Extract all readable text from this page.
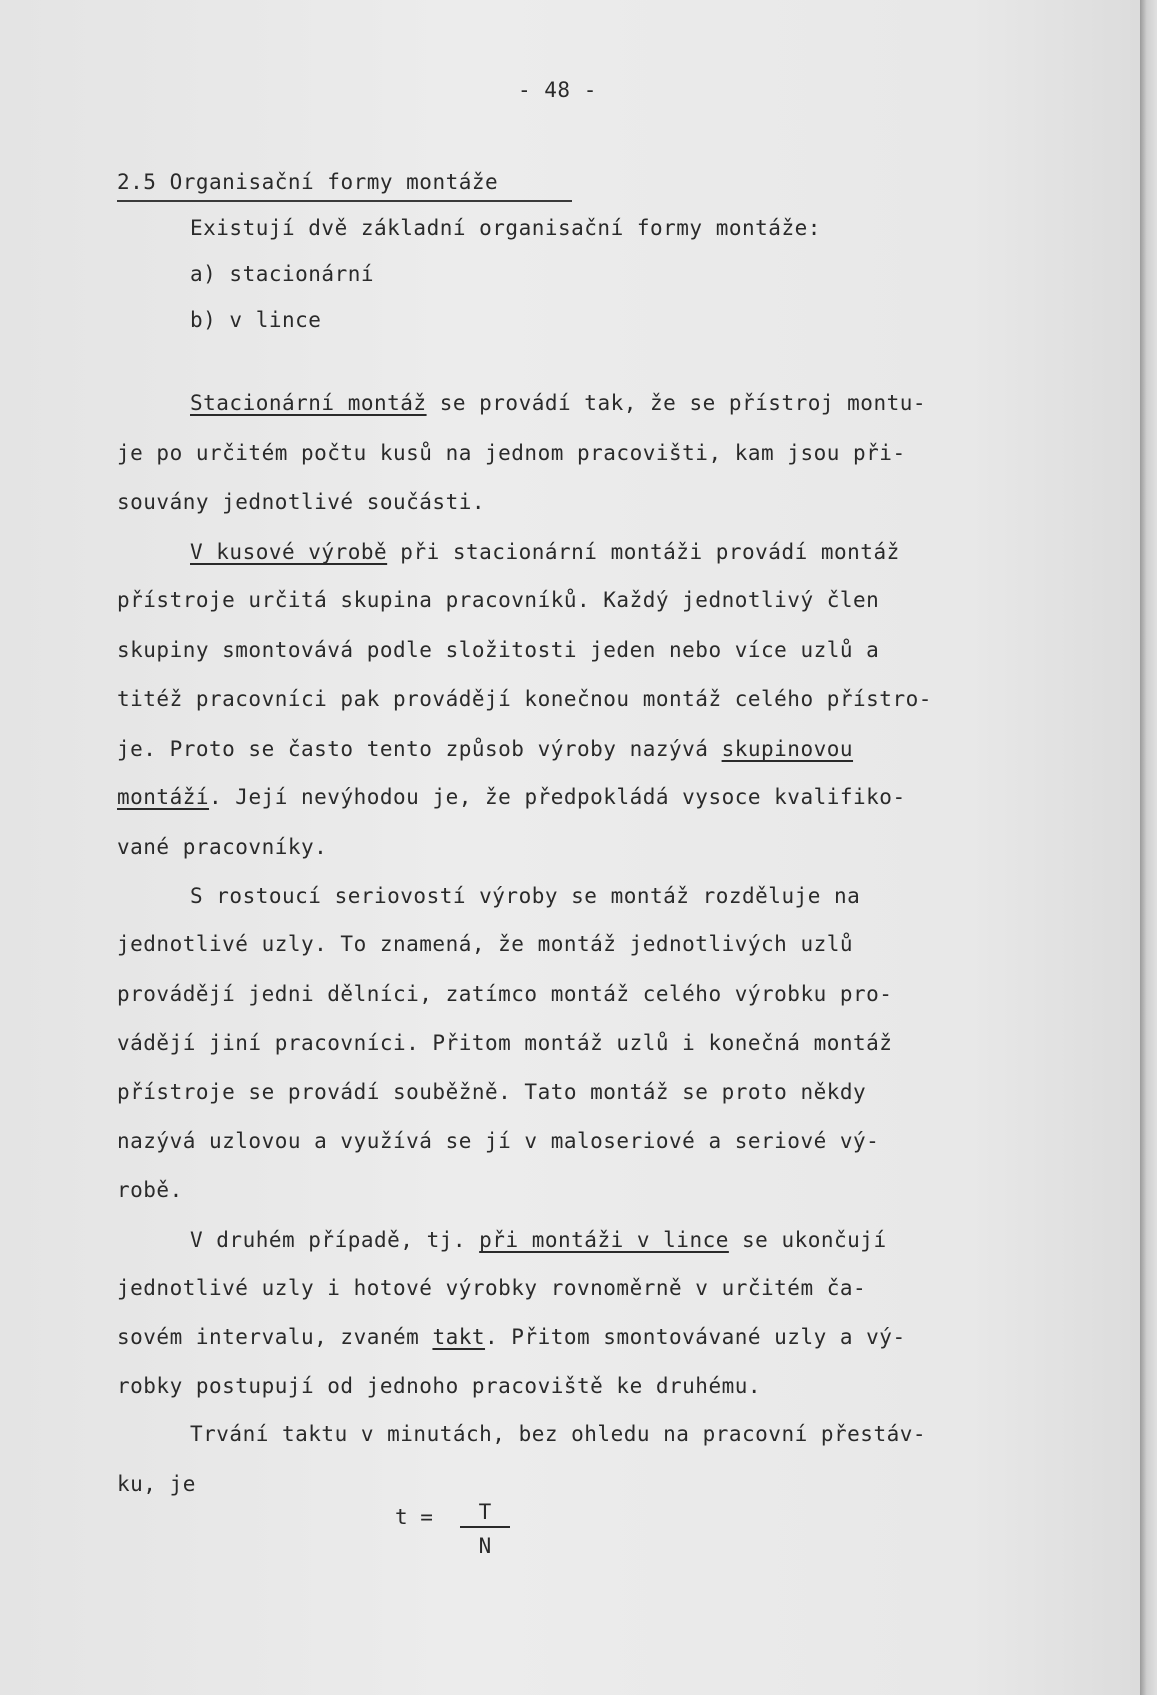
- 48 -
2.5 Organisační formy montáže
Existují dvě základní organisační formy montáže:
a) stacionární
b) v lince
Stacionární montáž se provádí tak, že se přístroj montu-
je po určitém počtu kusů na jednom pracovišti, kam jsou při-
souvány jednotlivé součásti.
V kusové výrobě při stacionární montáži provádí montáž
přístroje určitá skupina pracovníků. Každý jednotlivý člen
skupiny smontovává podle složitosti jeden nebo více uzlů a
titéž pracovníci pak provádějí konečnou montáž celého přístro-
je. Proto se často tento způsob výroby nazývá skupinovou
montáží. Její nevýhodou je, že předpokládá vysoce kvalifiko-
vané pracovníky.
S rostoucí seriovostí výroby se montáž rozděluje na
jednotlivé uzly. To znamená, že montáž jednotlivých uzlů
provádějí jedni dělníci, zatímco montáž celého výrobku pro-
vádějí jiní pracovníci. Přitom montáž uzlů i konečná montáž
přístroje se provádí souběžně. Tato montáž se proto někdy
nazývá uzlovou a využívá se jí v maloseriové a seriové vý-
robě.
V druhém případě, tj. při montáži v lince se ukončují
jednotlivé uzly i hotové výrobky rovnoměrně v určitém ča-
sovém intervalu, zvaném takt. Přitom smontovávané uzly a vý-
robky postupují od jednoho pracoviště ke druhému.
Trvání taktu v minutách, bez ohledu na pracovní přestáv-
ku, je
$t = \frac{T}{N}$
